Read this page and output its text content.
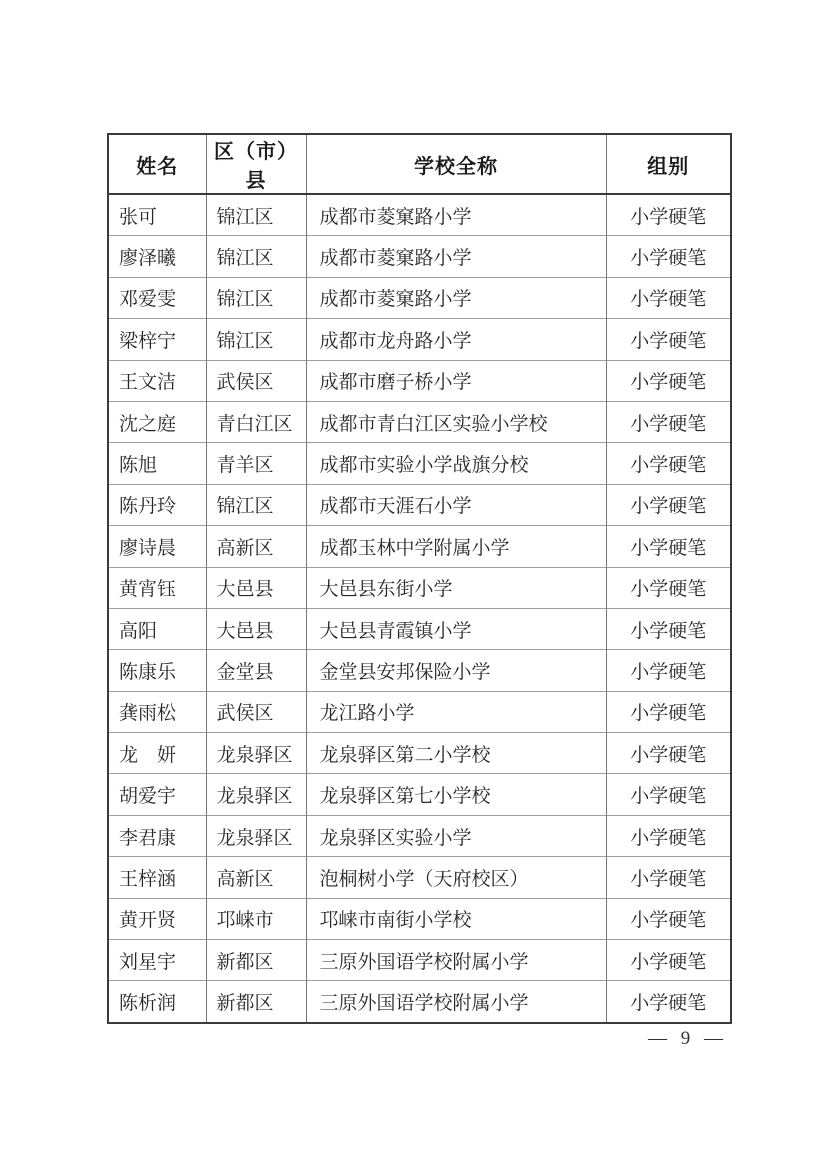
姓名	区（市）县	学校全称	组别
张可	锦江区	成都市菱窠路小学	小学硬笔
廖泽曦	锦江区	成都市菱窠路小学	小学硬笔
邓爱雯	锦江区	成都市菱窠路小学	小学硬笔
梁梓宁	锦江区	成都市龙舟路小学	小学硬笔
王文洁	武侯区	成都市磨子桥小学	小学硬笔
沈之庭	青白江区	成都市青白江区实验小学校	小学硬笔
陈旭	青羊区	成都市实验小学战旗分校	小学硬笔
陈丹玲	锦江区	成都市天涯石小学	小学硬笔
廖诗晨	高新区	成都玉林中学附属小学	小学硬笔
黄宵钰	大邑县	大邑县东街小学	小学硬笔
高阳	大邑县	大邑县青霞镇小学	小学硬笔
陈康乐	金堂县	金堂县安邦保险小学	小学硬笔
龚雨松	武侯区	龙江路小学	小学硬笔
龙　妍	龙泉驿区	龙泉驿区第二小学校	小学硬笔
胡爱宇	龙泉驿区	龙泉驿区第七小学校	小学硬笔
李君康	龙泉驿区	龙泉驿区实验小学	小学硬笔
王梓涵	高新区	泡桐树小学（天府校区）	小学硬笔
黄开贤	邛崃市	邛崃市南街小学校	小学硬笔
刘星宇	新都区	三原外国语学校附属小学	小学硬笔
陈析润	新都区	三原外国语学校附属小学	小学硬笔
— 9 —
